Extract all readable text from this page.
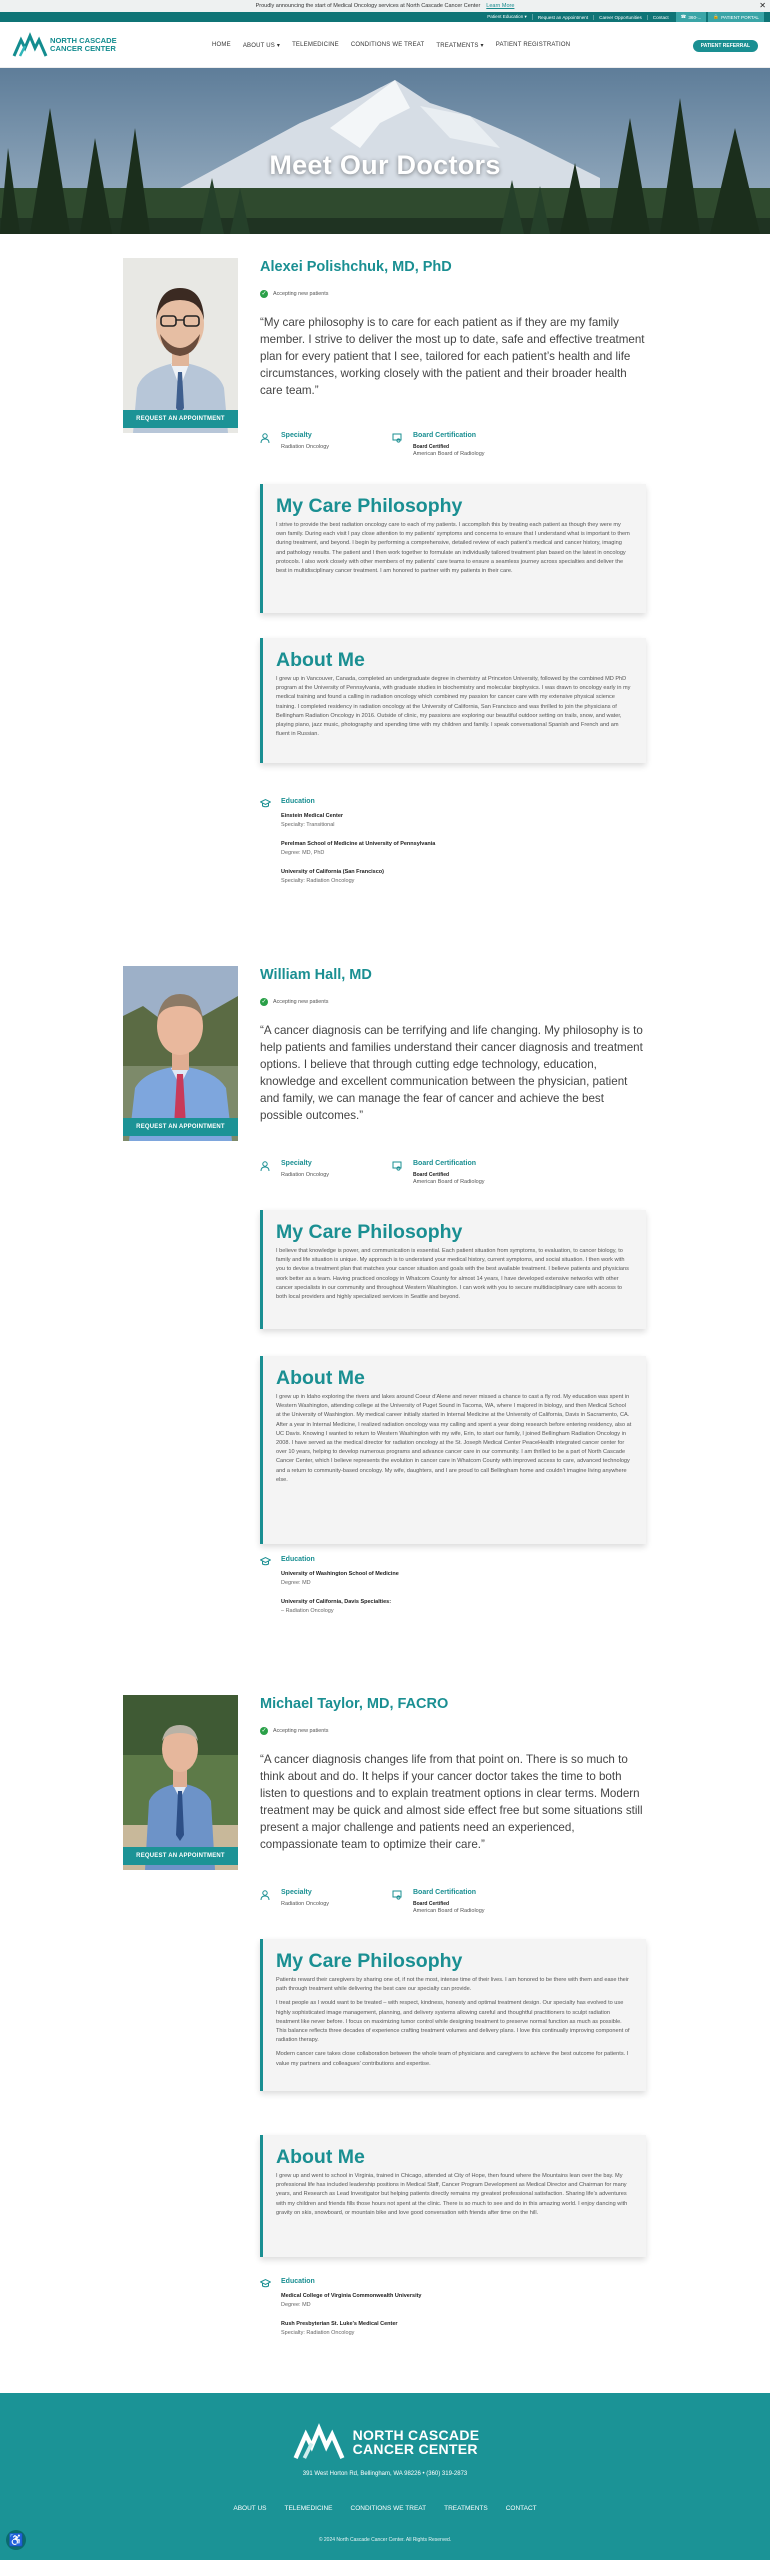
Proudly announcing the start of Medical Oncology services at North Cascade Cancer Center Learn More	✕
Patient Education ▾	Request an Appointment	Career Opportunities	Contact	☎ 360-...	🔒 PATIENT PORTAL
NORTH CASCADE
CANCER CENTER	HOME ABOUT US ▾ TELEMEDICINE CONDITIONS WE TREAT TREATMENTS ▾ PATIENT REGISTRATION	PATIENT REFERRAL
Meet Our Doctors
REQUEST AN APPOINTMENT
Alexei Polishchuk, MD, PhD
✓ Accepting new patients
“My care philosophy is to care for each patient as if they are my family member. I strive to deliver the most up to date, safe and effective treatment plan for every patient that I see, tailored for each patient’s health and life circumstances, working closely with the patient and their broader health care team.”
Specialty
Radiation Oncology
Board Certification
Board Certified
American Board of Radiology
My Care Philosophy

I strive to provide the best radiation oncology care to each of my patients. I accomplish this by treating each patient as though they were my own family. During each visit I pay close attention to my patients’ symptoms and concerns to ensure that I understand what is important to them during treatment, and beyond. I begin by performing a comprehensive, detailed review of each patient’s medical and cancer history, imaging and pathology results. The patient and I then work together to formulate an individually tailored treatment plan based on the latest in oncology protocols. I also work closely with other members of my patients’ care teams to ensure a seamless journey across specialties and deliver the best in multidisciplinary cancer treatment. I am honored to partner with my patients in their care.

About Me

I grew up in Vancouver, Canada, completed an undergraduate degree in chemistry at Princeton University, followed by the combined MD PhD program at the University of Pennsylvania, with graduate studies in biochemistry and molecular biophysics. I was drawn to oncology early in my medical training and found a calling in radiation oncology which combined my passion for cancer care with my extensive physical science training. I completed residency in radiation oncology at the University of California, San Francisco and was thrilled to join the physicians of Bellingham Radiation Oncology in 2016. Outside of clinic, my passions are exploring our beautiful outdoor setting on trails, snow, and water, playing piano, jazz music, photography and spending time with my children and family. I speak conversational Spanish and French and am fluent in Russian.

Education
Einstein Medical Center
Specialty: Transitional
Perelman School of Medicine at University of Pennsylvania
Degree: MD, PhD
University of California (San Francisco)
Specialty: Radiation Oncology
REQUEST AN APPOINTMENT
William Hall, MD
✓ Accepting new patients
“A cancer diagnosis can be terrifying and life changing. My philosophy is to help patients and families understand their cancer diagnosis and treatment options. I believe that through cutting edge technology, education, knowledge and excellent communication between the physician, patient and family, we can manage the fear of cancer and achieve the best possible outcomes.”
Specialty
Radiation Oncology
Board Certification
Board Certified
American Board of Radiology
My Care Philosophy

I believe that knowledge is power, and communication is essential. Each patient situation from symptoms, to evaluation, to cancer biology, to family and life situation is unique. My approach is to understand your medical history, current symptoms, and social situation. I then work with you to devise a treatment plan that matches your cancer situation and goals with the best available treatment. I believe patients and physicians work better as a team. Having practiced oncology in Whatcom County for almost 14 years, I have developed extensive networks with other cancer specialists in our community and throughout Western Washington. I can work with you to secure multidisciplinary care with access to both local providers and highly specialized services in Seattle and beyond.

About Me

I grew up in Idaho exploring the rivers and lakes around Coeur d’Alene and never missed a chance to cast a fly rod. My education was spent in Western Washington, attending college at the University of Puget Sound in Tacoma, WA, where I majored in biology, and then Medical School at the University of Washington. My medical career initially started in Internal Medicine at the University of California, Davis in Sacramento, CA. After a year in Internal Medicine, I realized radiation oncology was my calling and spent a year doing research before entering residency, also at UC Davis. Knowing I wanted to return to Western Washington with my wife, Erin, to start our family, I joined Bellingham Radiation Oncology in 2008. I have served as the medical director for radiation oncology at the St. Joseph Medical Center PeaceHealth integrated cancer center for over 10 years, helping to develop numerous programs and advance cancer care in our community. I am thrilled to be a part of North Cascade Cancer Center, which I believe represents the evolution in cancer care in Whatcom County with improved access to care, advanced technology and a return to community-based oncology. My wife, daughters, and I are proud to call Bellingham home and couldn’t imagine living anywhere else.

Education
University of Washington School of Medicine
Degree: MD
University of California, Davis Specialties:
– Radiation Oncology
REQUEST AN APPOINTMENT
Michael Taylor, MD, FACRO
✓ Accepting new patients
“A cancer diagnosis changes life from that point on. There is so much to think about and do. It helps if your cancer doctor takes the time to both listen to questions and to explain treatment options in clear terms. Modern treatment may be quick and almost side effect free but some situations still present a major challenge and patients need an experienced, compassionate team to optimize their care.”
Specialty
Radiation Oncology
Board Certification
Board Certified
American Board of Radiology
My Care Philosophy

Patients reward their caregivers by sharing one of, if not the most, intense time of their lives. I am honored to be there with them and ease their path through treatment while delivering the best care our specialty can provide.

I treat people as I would want to be treated – with respect, kindness, honesty and optimal treatment design. Our specialty has evolved to use highly sophisticated image management, planning, and delivery systems allowing careful and thoughtful practitioners to sculpt radiation treatment like never before. I focus on maximizing tumor control while designing treatment to preserve normal function as much as possible. This balance reflects three decades of experience crafting treatment volumes and delivery plans. I love this continually improving component of radiation therapy.

Modern cancer care takes close collaboration between the whole team of physicians and caregivers to achieve the best outcome for patients. I value my partners and colleagues’ contributions and expertise.

About Me

I grew up and went to school in Virginia, trained in Chicago, attended at City of Hope, then found where the Mountains lean over the bay. My professional life has included leadership positions in Medical Staff, Cancer Program Development as Medical Director and Chairman for many years, and Research as Lead Investigator but helping patients directly remains my greatest professional satisfaction. Sharing life’s adventures with my children and friends fills those hours not spent at the clinic. There is so much to see and do in this amazing world. I enjoy dancing with gravity on skis, snowboard, or mountain bike and love good conversation with friends after time on the hill.

Education
Medical College of Virginia Commonwealth University
Degree: MD
Rush Presbyterian St. Luke’s Medical Center
Specialty: Radiation Oncology
NORTH CASCADE
CANCER CENTER
391 West Horton Rd, Bellingham, WA 98226 • (360) 319-2873
ABOUT US	TELEMEDICINE	CONDITIONS WE TREAT	TREATMENTS	CONTACT
© 2024 North Cascade Cancer Center. All Rights Reserved.
♿
